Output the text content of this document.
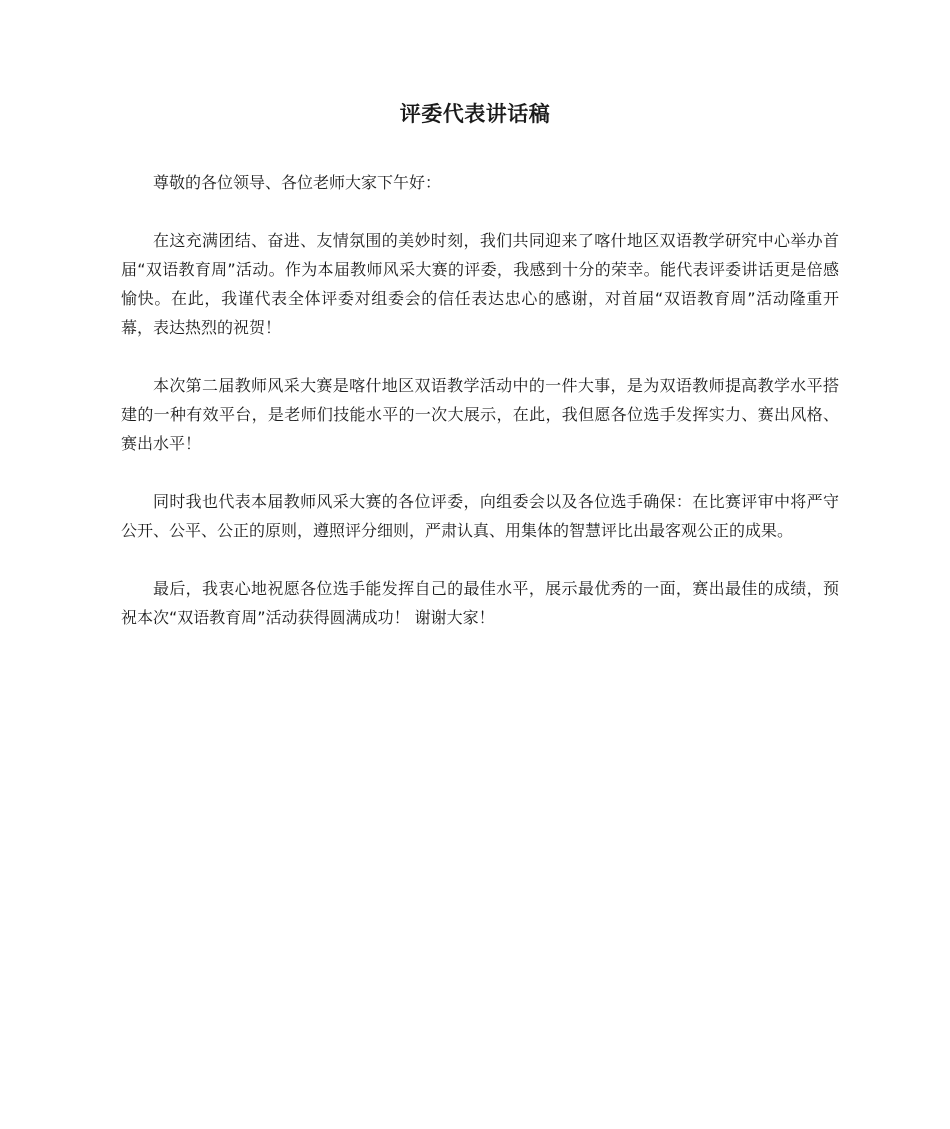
评委代表讲话稿

尊敬的各位领导、各位老师大家下午好：

在这充满团结、奋进、友情氛围的美妙时刻，我们共同迎来了喀什地区双语教学研究中心举办首届“双语教育周”活动。作为本届教师风采大赛的评委，我感到十分的荣幸。能代表评委讲话更是倍感愉快。在此，我谨代表全体评委对组委会的信任表达忠心的感谢，对首届“双语教育周”活动隆重开幕，表达热烈的祝贺！

本次第二届教师风采大赛是喀什地区双语教学活动中的一件大事，是为双语教师提高教学水平搭建的一种有效平台，是老师们技能水平的一次大展示，在此，我但愿各位选手发挥实力、赛出风格、赛出水平！

同时我也代表本届教师风采大赛的各位评委，向组委会以及各位选手确保：在比赛评审中将严守公开、公平、公正的原则，遵照评分细则，严肃认真、用集体的智慧评比出最客观公正的成果。

最后，我衷心地祝愿各位选手能发挥自己的最佳水平，展示最优秀的一面，赛出最佳的成绩，预祝本次“双语教育周”活动获得圆满成功！ 谢谢大家！
